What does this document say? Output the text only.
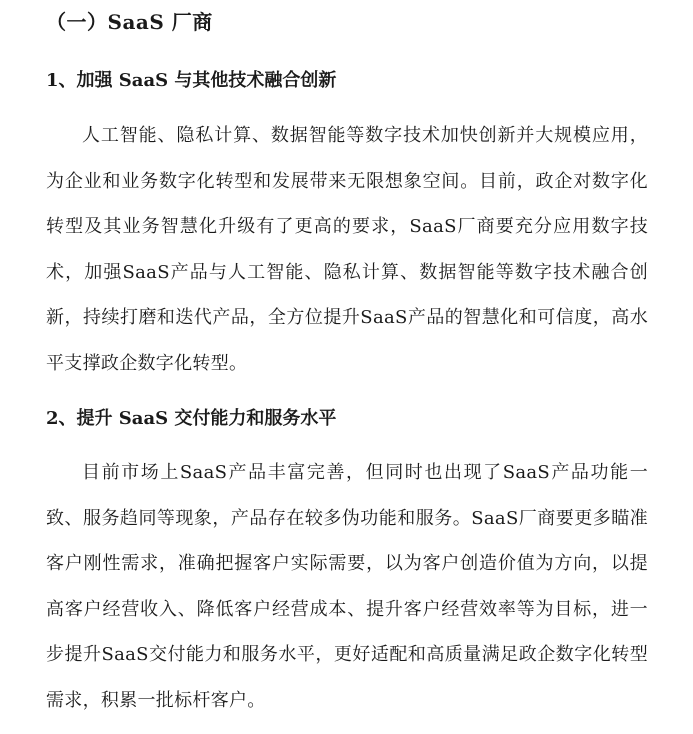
（一）SaaS 厂商
1、加强 SaaS 与其他技术融合创新
人工智能、隐私计算、数据智能等数字技术加快创新并大规模应用，为企业和业务数字化转型和发展带来无限想象空间。目前，政企对数字化转型及其业务智慧化升级有了更高的要求，SaaS厂商要充分应用数字技术，加强SaaS产品与人工智能、隐私计算、数据智能等数字技术融合创新，持续打磨和迭代产品，全方位提升SaaS产品的智慧化和可信度，高水平支撑政企数字化转型。
2、提升 SaaS 交付能力和服务水平
目前市场上SaaS产品丰富完善，但同时也出现了SaaS产品功能一致、服务趋同等现象，产品存在较多伪功能和服务。SaaS厂商要更多瞄准客户刚性需求，准确把握客户实际需要，以为客户创造价值为方向，以提高客户经营收入、降低客户经营成本、提升客户经营效率等为目标，进一步提升SaaS交付能力和服务水平，更好适配和高质量满足政企数字化转型需求，积累一批标杆客户。
